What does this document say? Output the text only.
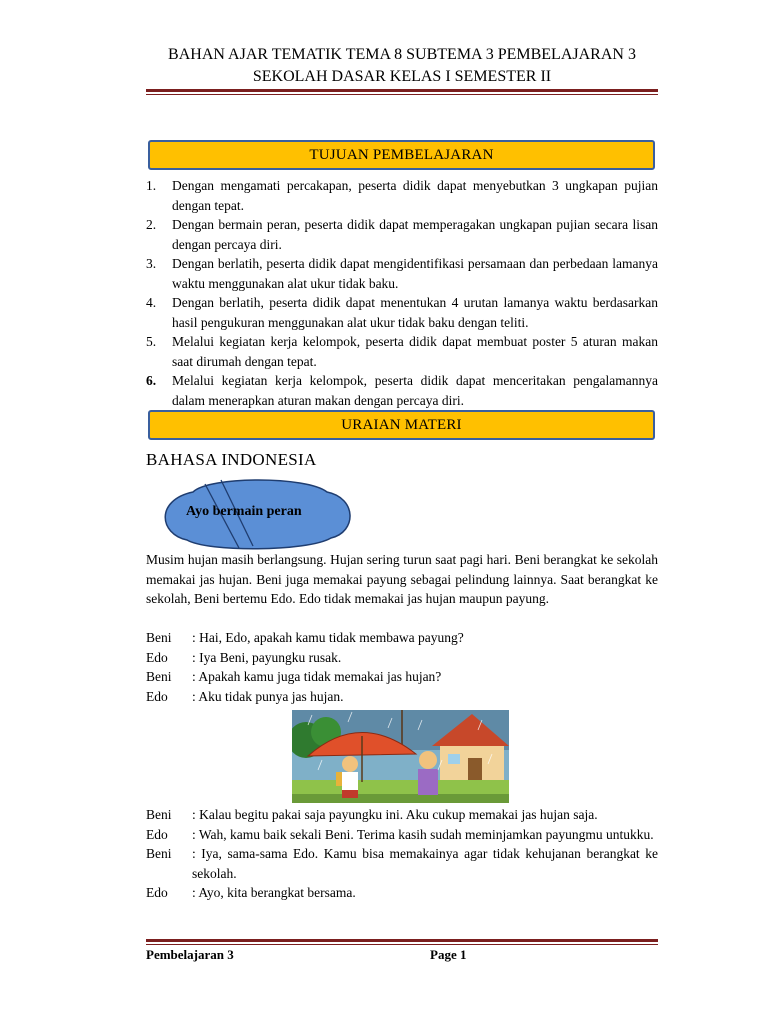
BAHAN AJAR TEMATIK TEMA 8 SUBTEMA 3 PEMBELAJARAN 3
SEKOLAH DASAR KELAS I SEMESTER II
TUJUAN PEMBELAJARAN
1. Dengan mengamati percakapan, peserta didik dapat menyebutkan 3 ungkapan pujian dengan tepat.
2. Dengan bermain peran, peserta didik dapat memperagakan ungkapan pujian secara lisan dengan percaya diri.
3. Dengan berlatih, peserta didik dapat mengidentifikasi persamaan dan perbedaan lamanya waktu menggunakan alat ukur tidak baku.
4. Dengan berlatih, peserta didik dapat menentukan 4 urutan lamanya waktu berdasarkan hasil pengukuran menggunakan alat ukur tidak baku dengan teliti.
5. Melalui kegiatan kerja kelompok, peserta didik dapat membuat poster 5 aturan makan saat dirumah dengan tepat.
6. Melalui kegiatan kerja kelompok, peserta didik dapat menceritakan pengalamannya dalam menerapkan aturan makan dengan percaya diri.
URAIAN MATERI
BAHASA INDONESIA
Ayo bermain peran

Musim hujan masih berlangsung. Hujan sering turun saat pagi hari. Beni berangkat ke sekolah memakai jas hujan. Beni juga memakai payung sebagai pelindung lainnya. Saat berangkat ke sekolah, Beni bertemu Edo. Edo tidak memakai jas hujan maupun payung.

Beni	: Hai, Edo, apakah kamu tidak membawa payung?
Edo	: Iya Beni, payungku rusak.
Beni	: Apakah kamu juga tidak memakai jas hujan?
Edo	: Aku tidak punya jas hujan.
Beni	: Kalau begitu pakai saja payungku ini. Aku cukup memakai jas hujan saja.
Edo	: Wah, kamu baik sekali Beni. Terima kasih sudah meminjamkan payungmu untukku.
Beni	: Iya, sama-sama Edo. Kamu bisa memakainya agar tidak kehujanan berangkat ke sekolah.
Edo	: Ayo, kita berangkat bersama.
Pembelajaran 3	Page 1
